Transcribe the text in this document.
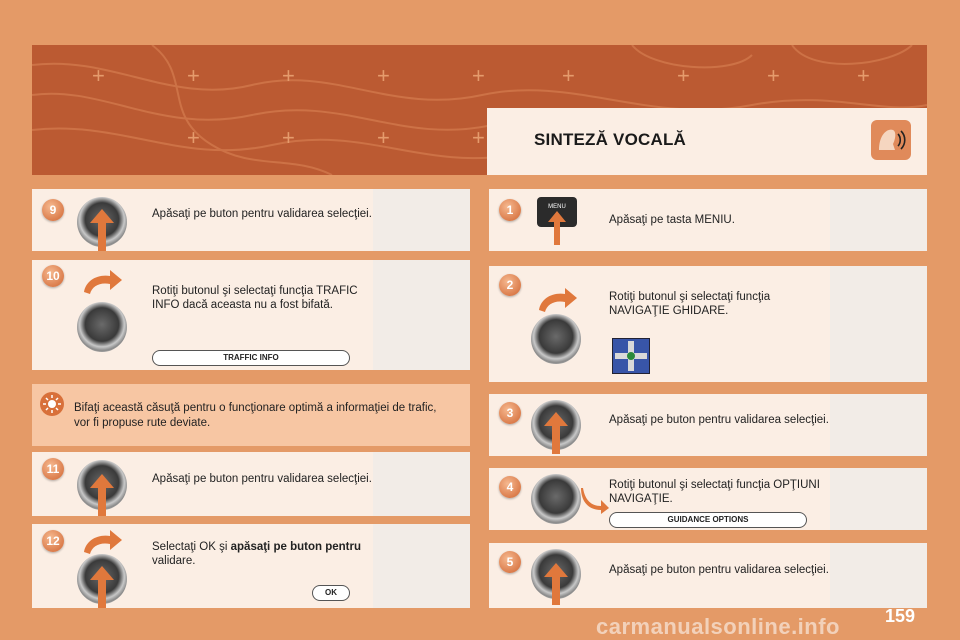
+	+	+	+	+	+	+	+	+
+	+	+	+	SINTEZĂ VOCALĂ
9	Apăsaţi pe buton pentru validarea selecţiei.
10
Rotiţi butonul şi selectaţi funcţia TRAFIC INFO dacă aceasta nu a fost bifată.
TRAFFIC INFO
Bifaţi această căsuţă pentru o funcţionare optimă a informaţiei de trafic, vor fi propuse rute deviate.
11
Apăsaţi pe buton pentru validarea selecţiei.
12	Selectaţi OK şi apăsaţi pe buton pentru
validare.
OK
1	MENU
Apăsaţi pe tasta MENIU.
2
Rotiţi butonul şi selectaţi funcţia NAVIGAŢIE GHIDARE.
3	Apăsaţi pe buton pentru validarea selecţiei.
4	Rotiţi butonul şi selectaţi funcţia OPŢIUNI NAVIGAŢIE.
GUIDANCE OPTIONS
5
Apăsaţi pe buton pentru validarea selecţiei.
carmanualsonline.info	159
